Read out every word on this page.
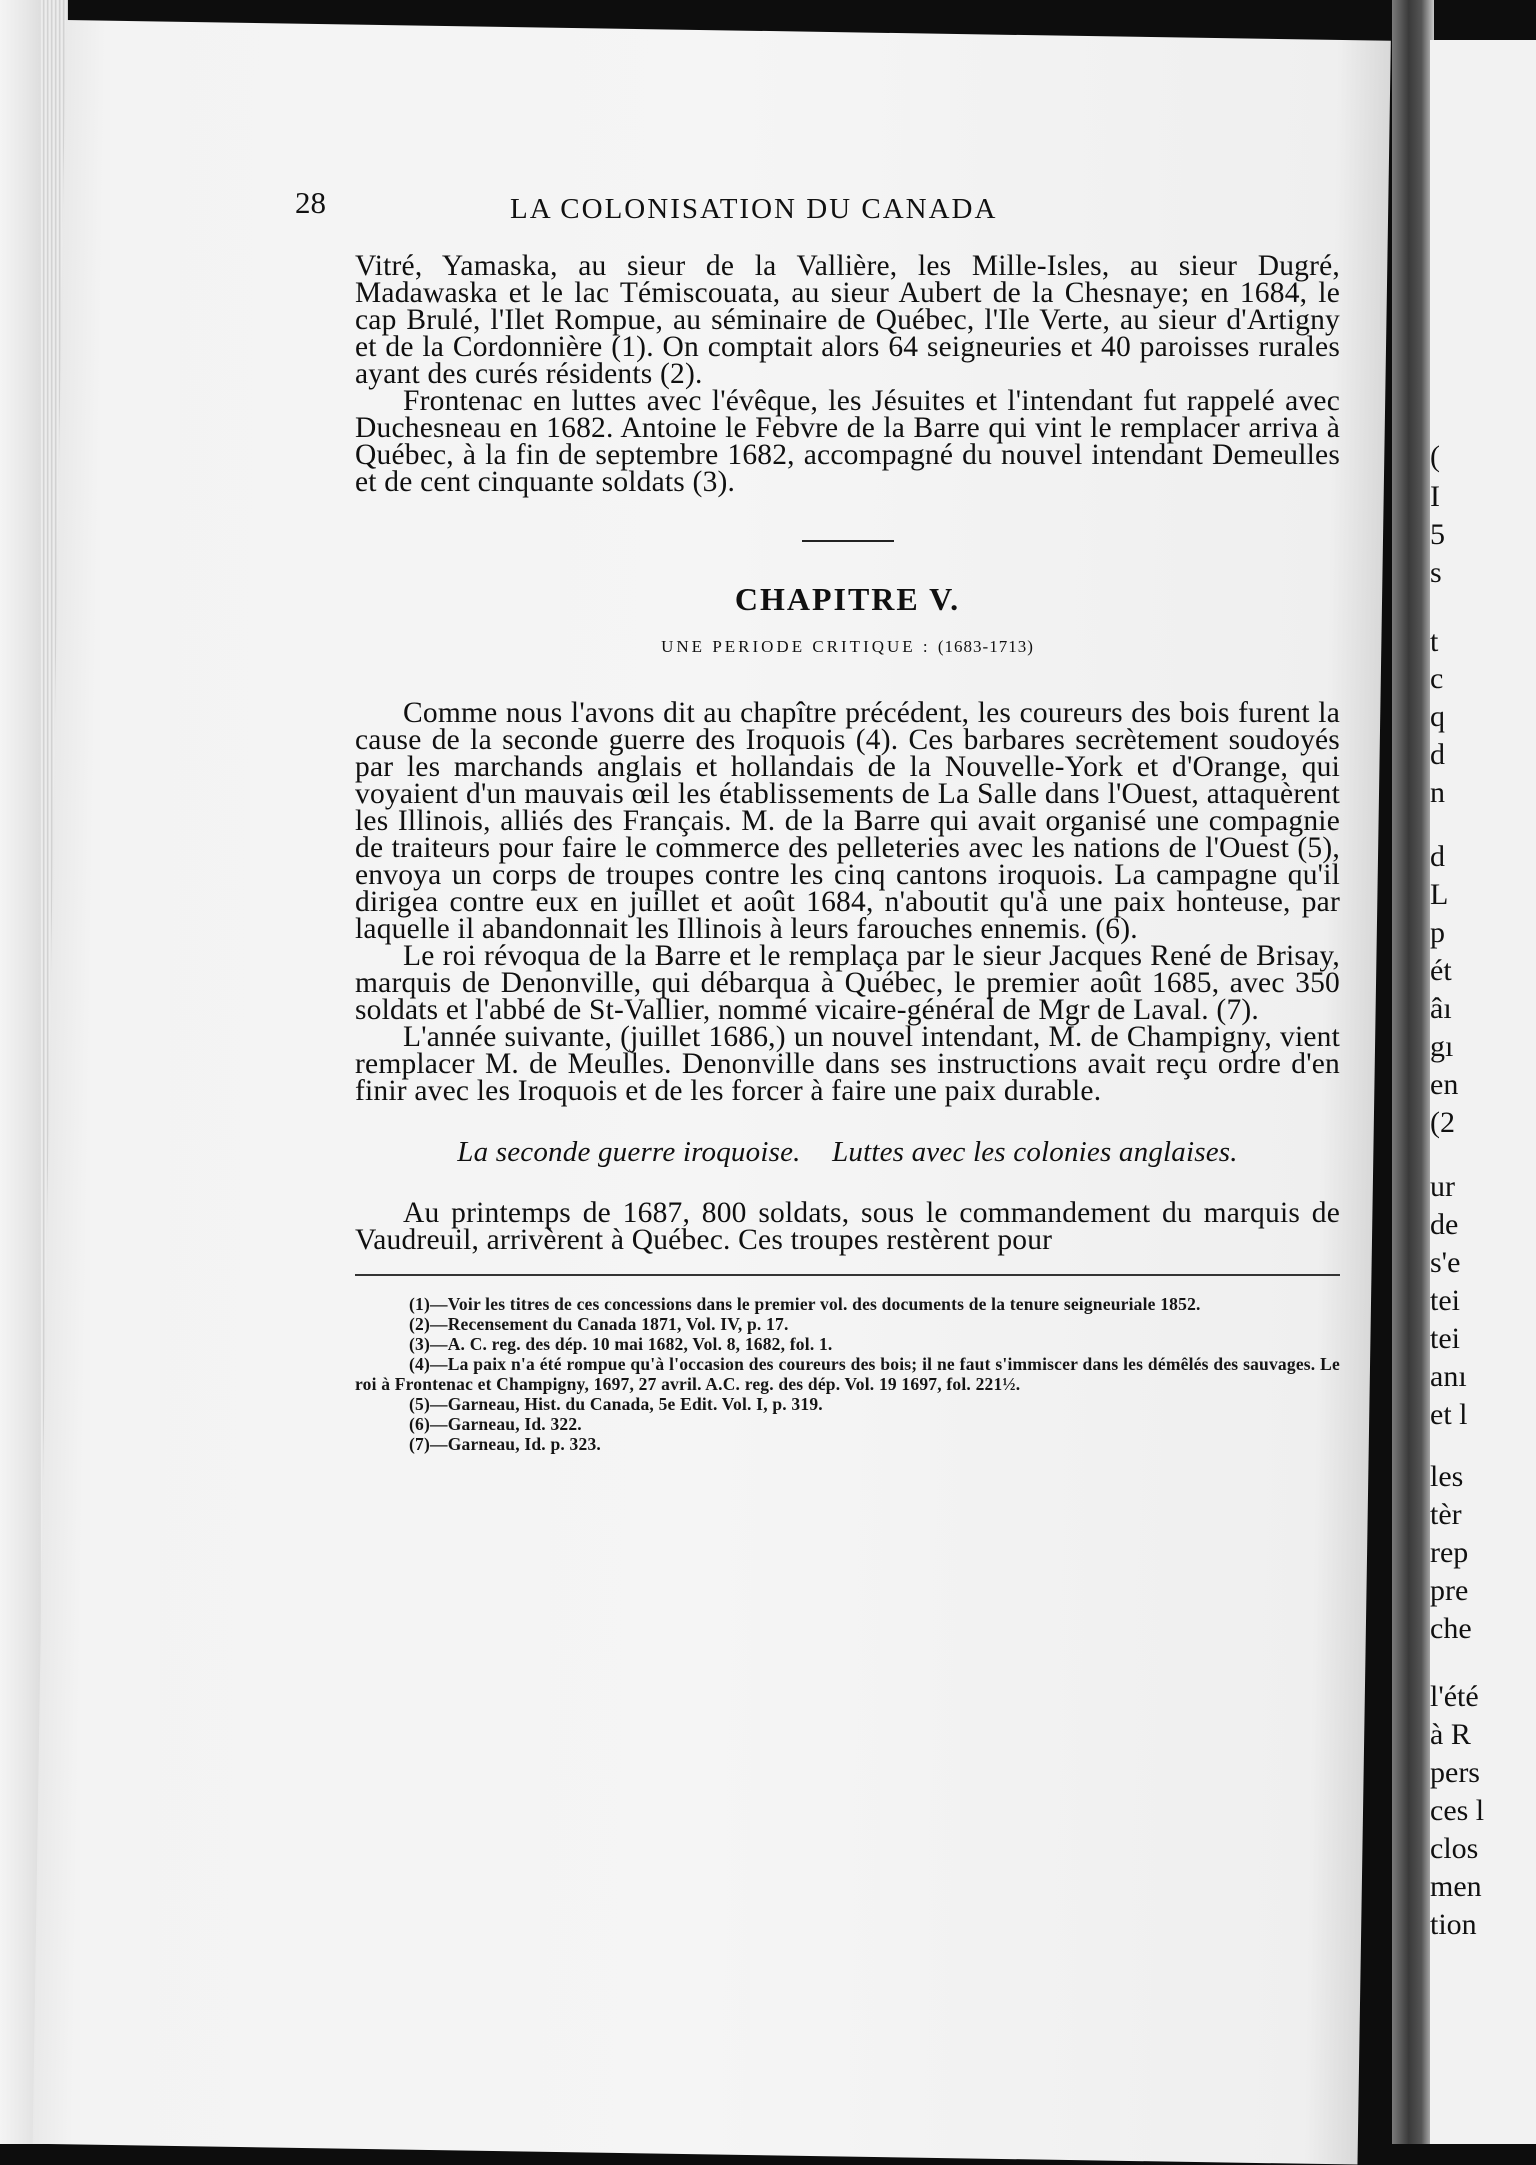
28	LA COLONISATION DU CANADA

Vitré, Yamaska, au sieur de la Vallière, les Mille-Isles, au sieur Dugré, Madawaska et le lac Témiscouata, au sieur Aubert de la Chesnaye; en 1684, le cap Brulé, l'Ilet Rompue, au séminaire de Québec, l'Ile Verte, au sieur d'Artigny et de la Cordonnière (1). On comptait alors 64 seigneuries et 40 paroisses rurales ayant des curés résidents (2).

Frontenac en luttes avec l'évêque, les Jésuites et l'intendant fut rappelé avec Duchesneau en 1682. Antoine le Febvre de la Barre qui vint le remplacer arriva à Québec, à la fin de septembre 1682, accompagné du nouvel intendant Demeulles et de cent cinquante soldats (3).

CHAPITRE V.
UNE PERIODE CRITIQUE : (1683-1713)

Comme nous l'avons dit au chapître précédent, les coureurs des bois furent la cause de la seconde guerre des Iroquois (4). Ces barbares secrètement soudoyés par les marchands anglais et hollandais de la Nouvelle-York et d'Orange, qui voyaient d'un mauvais œil les établissements de La Salle dans l'Ouest, attaquèrent les Illinois, alliés des Français. M. de la Barre qui avait organisé une compagnie de traiteurs pour faire le commerce des pelleteries avec les nations de l'Ouest (5), envoya un corps de troupes contre les cinq cantons iroquois. La campagne qu'il dirigea contre eux en juillet et août 1684, n'aboutit qu'à une paix honteuse, par laquelle il abandonnait les Illinois à leurs farouches ennemis. (6).

Le roi révoqua de la Barre et le remplaça par le sieur Jacques René de Brisay, marquis de Denonville, qui débarqua à Québec, le premier août 1685, avec 350 soldats et l'abbé de St-Vallier, nommé vicaire-général de Mgr de Laval. (7).

L'année suivante, (juillet 1686,) un nouvel intendant, M. de Champigny, vient remplacer M. de Meulles. Denonville dans ses instructions avait reçu ordre d'en finir avec les Iroquois et de les forcer à faire une paix durable.

La seconde guerre iroquoise. Luttes avec les colonies anglaises.

Au printemps de 1687, 800 soldats, sous le commandement du marquis de Vaudreuil, arrivèrent à Québec. Ces troupes restèrent pour

(1)—Voir les titres de ces concessions dans le premier vol. des documents de la tenure seigneuriale 1852.

(2)—Recensement du Canada 1871, Vol. IV, p. 17.

(3)—A. C. reg. des dép. 10 mai 1682, Vol. 8, 1682, fol. 1.

(4)—La paix n'a été rompue qu'à l'occasion des coureurs des bois; il ne faut s'immiscer dans les démêlés des sauvages. Le roi à Frontenac et Champigny, 1697, 27 avril. A.C. reg. des dép. Vol. 19 1697, fol. 221½.

(5)—Garneau, Hist. du Canada, 5e Edit. Vol. I, p. 319.

(6)—Garneau, Id. 322.

(7)—Garneau, Id. p. 323.

(
I
5
s
t
c
q
d
n
d
L
p
ét
âı
gı
en
(2
ur
de
s'e
tei
tei
anı
et l
les
tèr
rep
pre
che
l'été
à R
pers
ces l
clos
men
tion
